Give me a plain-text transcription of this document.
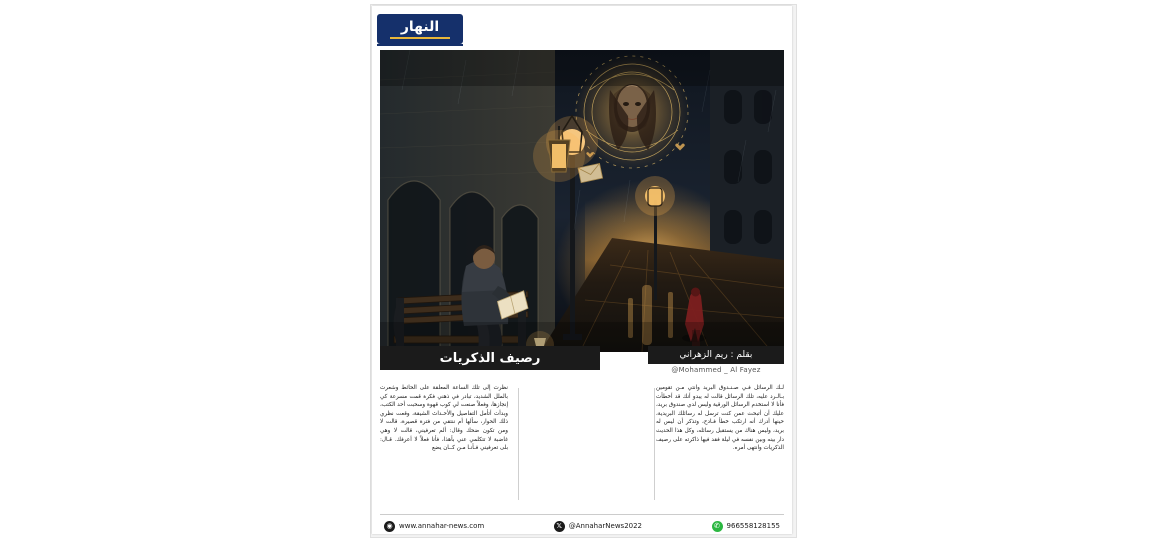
النهار
رصيف الذكريات	بقلم : ريم الزهراني
@Mohammed _ Al Fayez
نظرت إلى تلك الساعة المعلقة على الحائط وشعرت بالملل الشديد، تبادر في ذهني فكرة قمت مسرعة كي إنجازها، وفعلاً صنعت لي كوب قهوة وسحبت أحد الكتب، وبدأت أتأمل التفاصيل والأحـداث الشيقة، وقعت نظري ذلك الحوار، سألها أم ننتقي من فترة قصيرة، قالت لا ومن تكون ضحك وقال: ألم تعرفيني، قالت لا وهي غاضبة لا تتكلمي عني بأهذا، فأنا فعلاً لا أعرفك. قـال: بلى تعرفيني فـأنـا مـن كــان يضع
لـك الرسائل فـي صـنـدوق البريد وانتي مـن تقومين بـالـرد عليه، تلك الرسائل قالت له يبدو أنك قد أخطأت فأنا لا استخدم الرسائل الورقية وليس لدي صندوق بريد، عليك أن أتبحث عمن كنت ترسل له رسائلك البريدية، حينها أدرك أنه ارتكب خطأ فـادح، وتذكر أن ليس له بريد، وليس هناك من يستقبل رسائله، وكل هذا الحديث دار بينه وبين نفسه في ليلة فقد فيها ذاكرته على رصيف الذكريات وانتهى أمره.
◉ www.annahar-news.com	𝕏 @AnnaharNews2022	✆ 966558128155
